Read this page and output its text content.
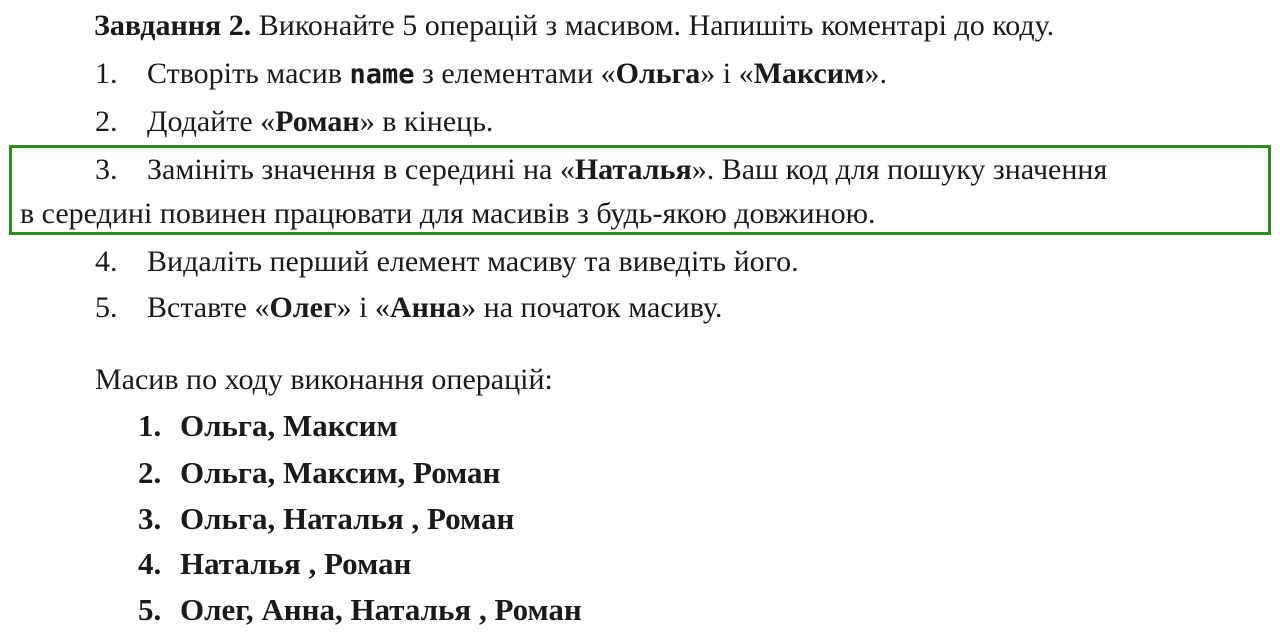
Завдання 2. Виконайте 5 операцій з масивом. Напишіть коментарі до коду.
1. Створіть масив name з елементами «Ольга» і «Максим».
2. Додайте «Роман» в кінець.
3. Замініть значення в середині на «Наталья». Ваш код для пошуку значення
в середині повинен працювати для масивів з будь-якою довжиною.
4. Видаліть перший елемент масиву та виведіть його.
5. Вставте «Олег» і «Анна» на початок масиву.
Масив по ходу виконання операцій:
1. Ольга, Максим
2. Ольга, Максим, Роман
3. Ольга, Наталья , Роман
4. Наталья , Роман
5. Олег, Анна, Наталья , Роман
